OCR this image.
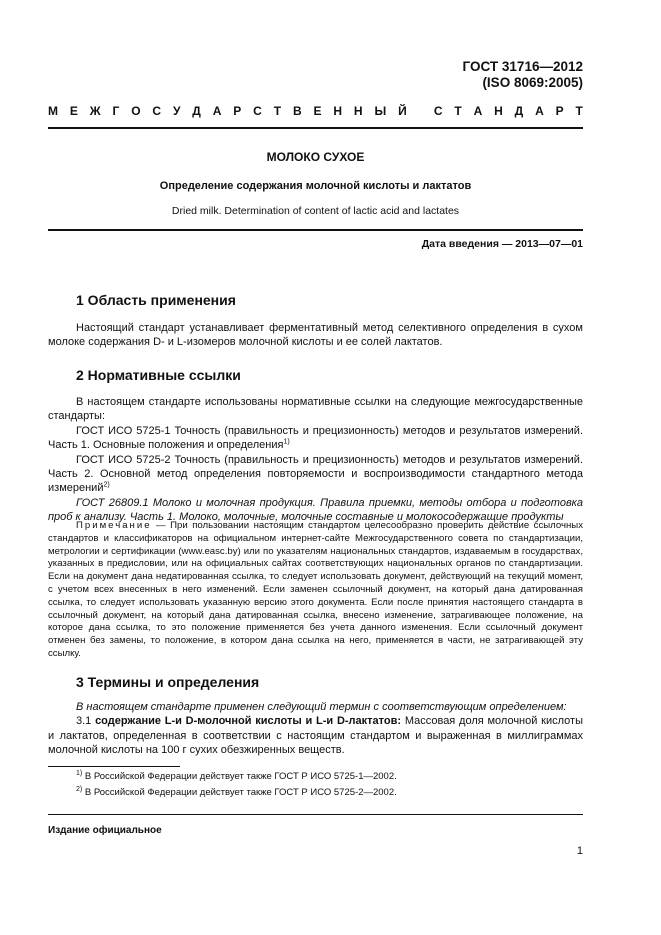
ГОСТ 31716—2012
(ISO 8069:2005)
М Е Ж Г О С У Д А Р С Т В Е Н Н Ы Й
С Т А Н Д А Р Т
МОЛОКО СУХОЕ
Определение содержания молочной кислоты и лактатов
Dried milk. Determination of content of lactic acid and lactates
Дата введения — 2013—07—01
1 Область применения

Настоящий стандарт устанавливает ферментативный метод селективного определения в сухом молоке содержания D- и L-изомеров молочной кислоты и ее солей лактатов.

2 Нормативные ссылки

В настоящем стандарте использованы нормативные ссылки на следующие межгосударственные стандарты:

ГОСТ ИСО 5725-1 Точность (правильность и прецизионность) методов и результатов измерений. Часть 1. Основные положения и определения$^{1)}$

ГОСТ ИСО 5725-2 Точность (правильность и прецизионность) методов и результатов измерений. Часть 2. Основной метод определения повторяемости и воспроизводимости стандартного метода измерений$^{2)}$

ГОСТ 26809.1 Молоко и молочная продукция. Правила приемки, методы отбора и подготовка проб к анализу. Часть 1. Молоко, молочные, молочные составные и молокосодержащие продукты

Примечание — При пользовании настоящим стандартом целесообразно проверить действие ссылочных стандартов и классификаторов на официальном интернет-сайте Межгосударственного совета по стандартизации, метрологии и сертификации (www.easc.by) или по указателям национальных стандартов, издаваемым в государствах, указанных в предисловии, или на официальных сайтах соответствующих национальных органов по стандартизации. Если на документ дана недатированная ссылка, то следует использовать документ, действующий на текущий момент, с учетом всех внесенных в него изменений. Если заменен ссылочный документ, на который дана датированная ссылка, то следует использовать указанную версию этого документа. Если после принятия настоящего стандарта в ссылочный документ, на который дана датированная ссылка, внесено изменение, затрагивающее положение, на которое дана ссылка, то это положение применяется без учета данного изменения. Если ссылочный документ отменен без замены, то положение, в котором дана ссылка на него, применяется в части, не затрагивающей эту ссылку.

3 Термины и определения

В настоящем стандарте применен следующий термин с соответствующим определением:

3.1 содержание L-и D-молочной кислоты и L-и D-лактатов: Массовая доля молочной кислоты и лактатов, определенная в соответствии с настоящим стандартом и выраженная в миллиграммах молочной кислоты на 100 г сухих обезжиренных веществ.

$^{1)}$ В Российской Федерации действует также ГОСТ Р ИСО 5725-1—2002.
$^{2)}$ В Российской Федерации действует также ГОСТ Р ИСО 5725-2—2002.
Издание официальное
1
